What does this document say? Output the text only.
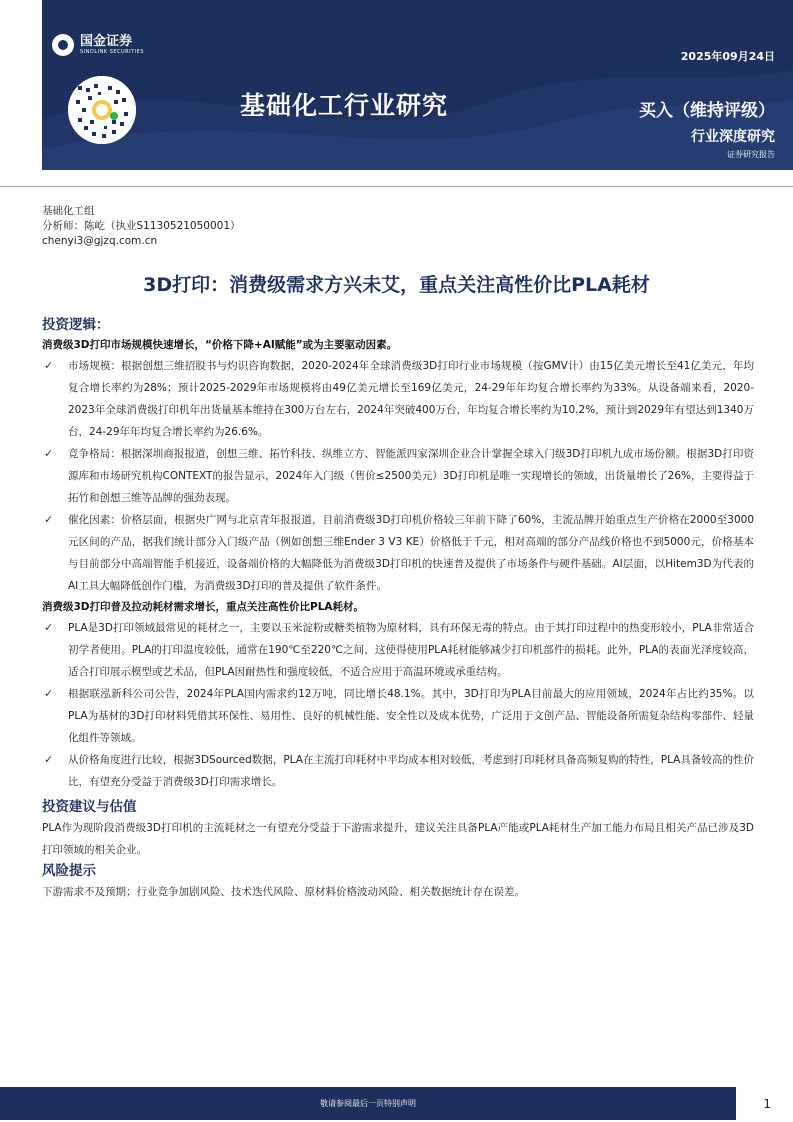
国金证券
SINOLINK SECURITIES
基础化工行业研究
2025年09月24日
买入（维持评级）
行业深度研究
证券研究报告
基础化工组
分析师：陈屹（执业S1130521050001）
chenyi3@gjzq.com.cn
3D打印：消费级需求方兴未艾，重点关注高性价比PLA耗材
投资逻辑：
消费级3D打印市场规模快速增长，“价格下降+AI赋能”或为主要驱动因素。
✓	市场规模：根据创想三维招股书与灼识咨询数据，2020-2024年全球消费级3D打印行业市场规模（按GMV计）由15亿美元增长至41亿美元，年均复合增长率约为28%；预计2025-2029年市场规模将由49亿美元增长至169亿美元，24-29年年均复合增长率约为33%。从设备端来看，2020-2023年全球消费级打印机年出货量基本维持在300万台左右，2024年突破400万台，年均复合增长率约为10.2%，预计到2029年有望达到1340万台，24-29年年均复合增长率约为26.6%。
✓	竞争格局：根据深圳商报报道，创想三维、拓竹科技、纵维立方、智能派四家深圳企业合计掌握全球入门级3D打印机九成市场份额。根据3D打印资源库和市场研究机构CONTEXT的报告显示，2024年入门级（售价≤2500美元）3D打印机是唯一实现增长的领域，出货量增长了26%，主要得益于拓竹和创想三维等品牌的强劲表现。
✓	催化因素：价格层面，根据央广网与北京青年报报道，目前消费级3D打印机价格较三年前下降了60%，主流品牌开始重点生产价格在2000至3000元区间的产品，据我们统计部分入门级产品（例如创想三维Ender 3 V3 KE）价格低于千元，相对高端的部分产品线价格也不到5000元，价格基本与目前部分中高端智能手机接近，设备端价格的大幅降低为消费级3D打印机的快速普及提供了市场条件与硬件基础。AI层面，以Hitem3D为代表的AI工具大幅降低创作门槛，为消费级3D打印的普及提供了软件条件。
消费级3D打印普及拉动耗材需求增长，重点关注高性价比PLA耗材。
✓	PLA是3D打印领域最常见的耗材之一，主要以玉米淀粉或糖类植物为原材料，具有环保无毒的特点。由于其打印过程中的热变形较小，PLA非常适合初学者使用。PLA的打印温度较低，通常在190℃至220℃之间，这使得使用PLA耗材能够减少打印机部件的损耗。此外，PLA的表面光泽度较高，适合打印展示模型或艺术品，但PLA因耐热性和强度较低，不适合应用于高温环境或承重结构。
✓	根据联泓新科公司公告，2024年PLA国内需求约12万吨，同比增长48.1%。其中，3D打印为PLA目前最大的应用领域，2024年占比约35%。以PLA为基材的3D打印材料凭借其环保性、易用性、良好的机械性能、安全性以及成本优势，广泛用于文创产品、智能设备所需复杂结构零部件、轻量化组件等领域。
✓	从价格角度进行比较，根据3DSourced数据，PLA在主流打印耗材中平均成本相对较低，考虑到打印耗材具备高频复购的特性，PLA具备较高的性价比，有望充分受益于消费级3D打印需求增长。
投资建议与估值
PLA作为现阶段消费级3D打印机的主流耗材之一有望充分受益于下游需求提升，建议关注具备PLA产能或PLA耗材生产加工能力布局且相关产品已涉及3D打印领域的相关企业。
风险提示
下游需求不及预期；行业竞争加剧风险、技术迭代风险、原材料价格波动风险、相关数据统计存在误差。
敬请参阅最后一页特别声明	1
